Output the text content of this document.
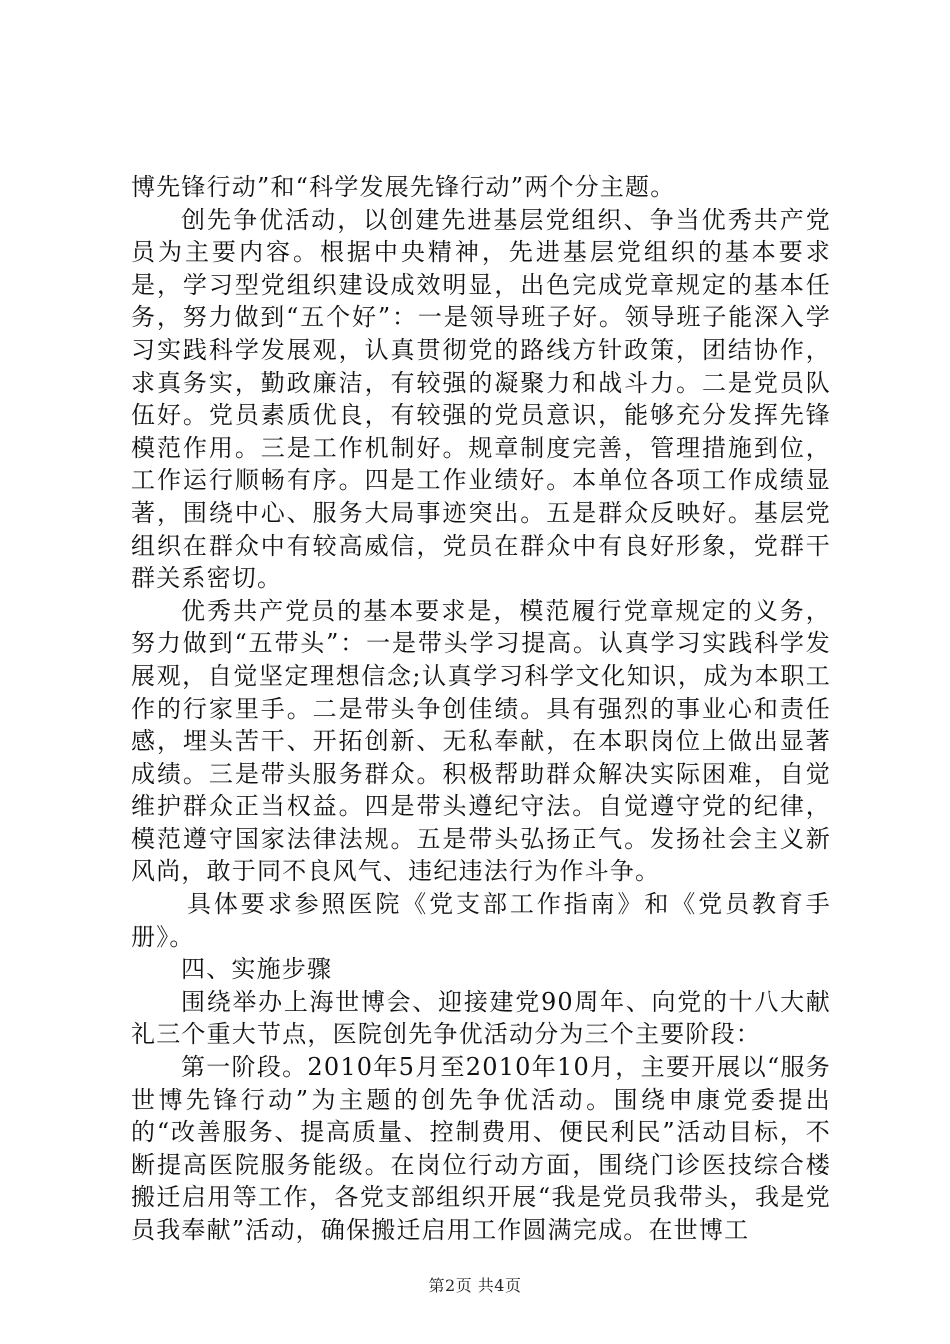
博先锋行动”和“科学发展先锋行动”两个分主题。

创先争优活动，以创建先进基层党组织、争当优秀共产党员为主要内容。根据中央精神，先进基层党组织的基本要求是，学习型党组织建设成效明显，出色完成党章规定的基本任务，努力做到“五个好”：一是领导班子好。领导班子能深入学习实践科学发展观，认真贯彻党的路线方针政策，团结协作，求真务实，勤政廉洁，有较强的凝聚力和战斗力。二是党员队伍好。党员素质优良，有较强的党员意识，能够充分发挥先锋模范作用。三是工作机制好。规章制度完善，管理措施到位，工作运行顺畅有序。四是工作业绩好。本单位各项工作成绩显著，围绕中心、服务大局事迹突出。五是群众反映好。基层党组织在群众中有较高威信，党员在群众中有良好形象，党群干群关系密切。

优秀共产党员的基本要求是，模范履行党章规定的义务，努力做到“五带头”：一是带头学习提高。认真学习实践科学发展观，自觉坚定理想信念;认真学习科学文化知识，成为本职工作的行家里手。二是带头争创佳绩。具有强烈的事业心和责任感，埋头苦干、开拓创新、无私奉献，在本职岗位上做出显著成绩。三是带头服务群众。积极帮助群众解决实际困难，自觉维护群众正当权益。四是带头遵纪守法。自觉遵守党的纪律，模范遵守国家法律法规。五是带头弘扬正气。发扬社会主义新风尚，敢于同不良风气、违纪违法行为作斗争。

具体要求参照医院《党支部工作指南》和《党员教育手册》。

四、实施步骤

围绕举办上海世博会、迎接建党90周年、向党的十八大献礼三个重大节点，医院创先争优活动分为三个主要阶段：

第一阶段。2010年5月至2010年10月，主要开展以“服务世博先锋行动”为主题的创先争优活动。围绕申康党委提出的“改善服务、提高质量、控制费用、便民利民”活动目标，不断提高医院服务能级。在岗位行动方面，围绕门诊医技综合楼搬迁启用等工作，各党支部组织开展“我是党员我带头，我是党员我奉献”活动，确保搬迁启用工作圆满完成。在世博工

第2页 共4页
